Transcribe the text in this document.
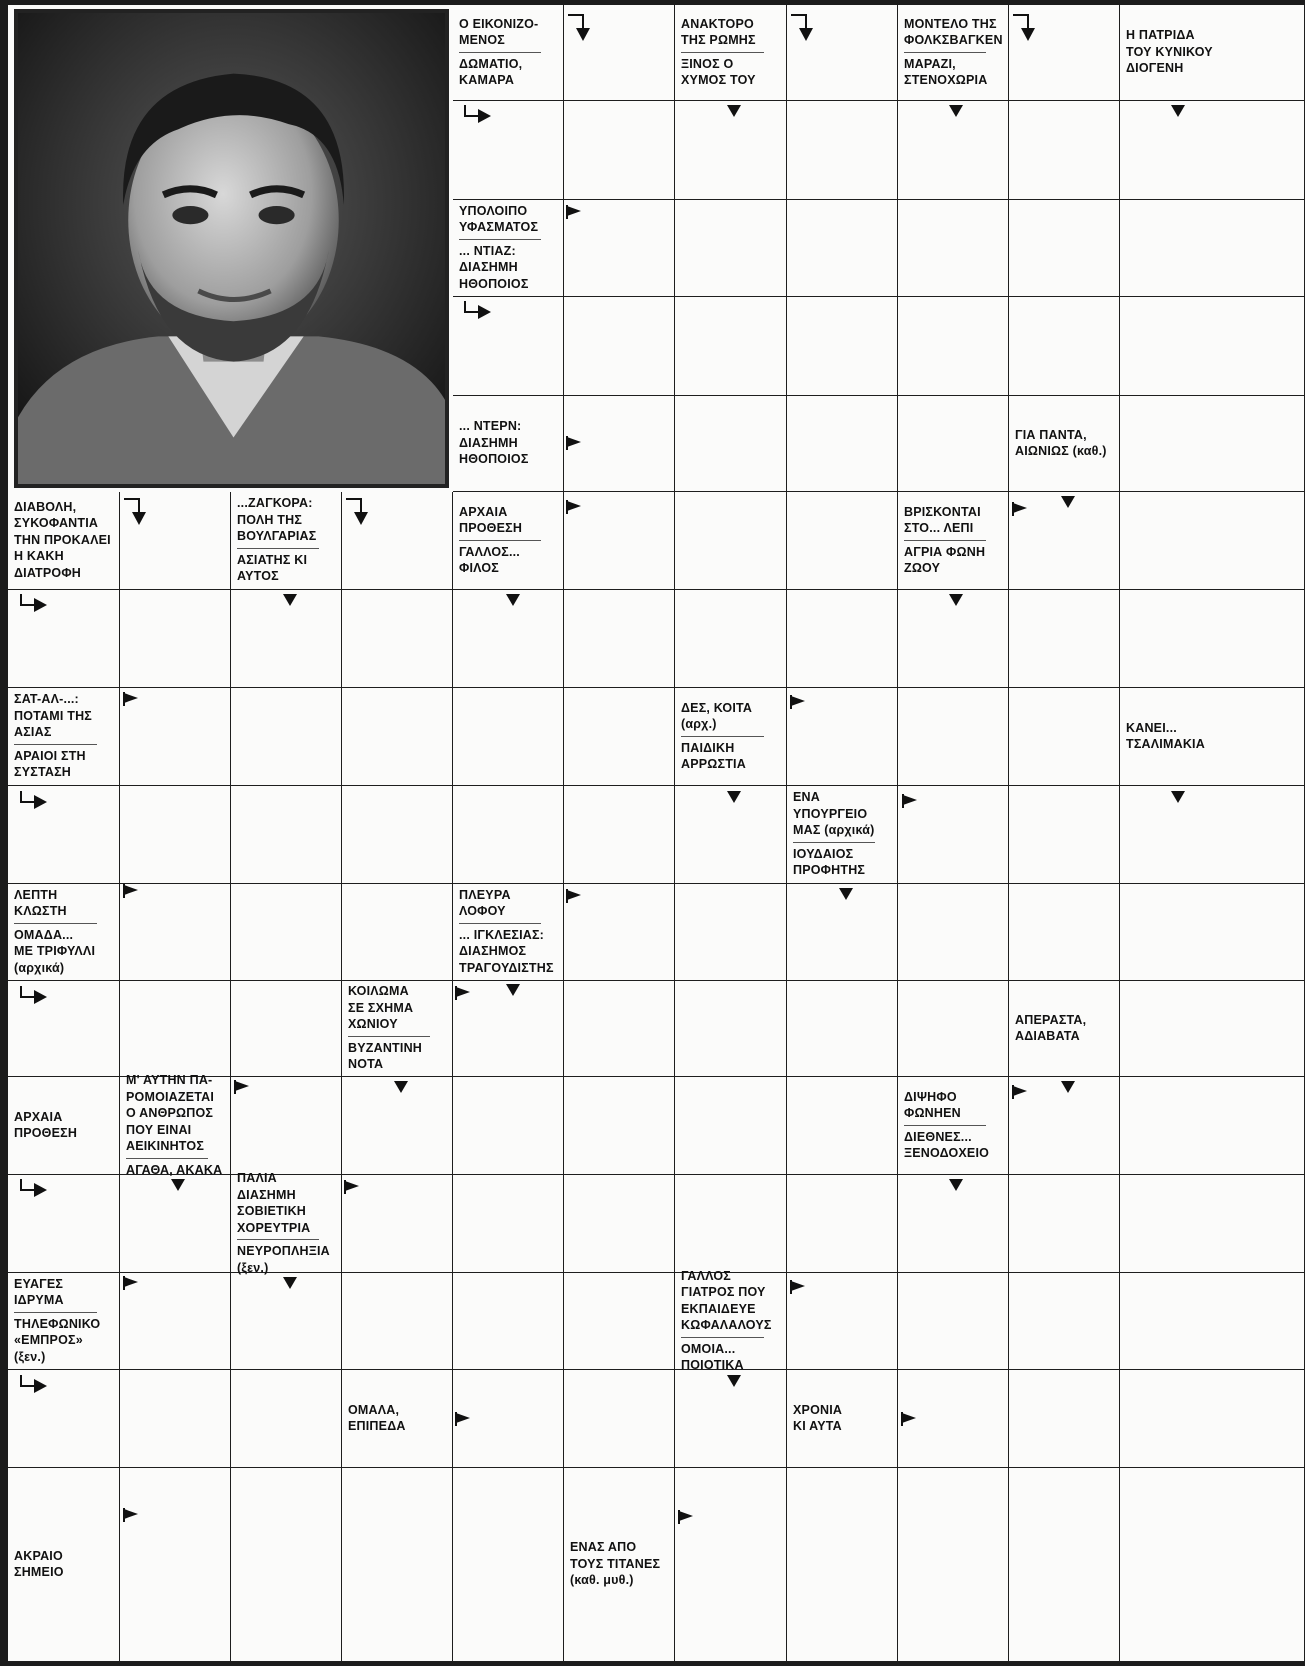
Ο ΕΙΚΟΝΙΖΟ-
ΜΕΝΟΣ
ΔΩΜΑΤΙΟ,
ΚΑΜΑΡΑ
ΑΝΑΚΤΟΡΟ
ΤΗΣ ΡΩΜΗΣ
ΞΙΝΟΣ Ο
ΧΥΜΟΣ ΤΟΥ
ΜΟΝΤΕΛΟ ΤΗΣ
ΦΟΛΚΣΒΑΓΚΕΝ
ΜΑΡΑΖΙ,
ΣΤΕΝΟΧΩΡΙΑ
Η ΠΑΤΡΙΔΑ
ΤΟΥ ΚΥΝΙΚΟΥ
ΔΙΟΓΕΝΗ
ΥΠΟΛΟΙΠΟ
ΥΦΑΣΜΑΤΟΣ
... ΝΤΙΑΖ:
ΔΙΑΣΗΜΗ
ΗΘΟΠΟΙΟΣ
... ΝΤΕΡΝ:
ΔΙΑΣΗΜΗ
ΗΘΟΠΟΙΟΣ
ΓΙΑ ΠΑΝΤΑ,
ΑΙΩΝΙΩΣ (καθ.)
ΔΙΑΒΟΛΗ,
ΣΥΚΟΦΑΝΤΙΑ
ΤΗΝ ΠΡΟΚΑΛΕΙ
Η ΚΑΚΗ
ΔΙΑΤΡΟΦΗ
...ΖΑΓΚΟΡΑ:
ΠΟΛΗ ΤΗΣ
ΒΟΥΛΓΑΡΙΑΣ
ΑΣΙΑΤΗΣ ΚΙ
ΑΥΤΟΣ
ΑΡΧΑΙΑ
ΠΡΟΘΕΣΗ
ΓΑΛΛΟΣ...
ΦΙΛΟΣ
ΒΡΙΣΚΟΝΤΑΙ
ΣΤΟ... ΛΕΠΙ
ΑΓΡΙΑ ΦΩΝΗ
ΖΩΟΥ
ΣΑΤ-ΑΛ-...:
ΠΟΤΑΜΙ ΤΗΣ
ΑΣΙΑΣ
ΑΡΑΙΟΙ ΣΤΗ
ΣΥΣΤΑΣΗ
ΔΕΣ, ΚΟΙΤΑ
(αρχ.)
ΠΑΙΔΙΚΗ
ΑΡΡΩΣΤΙΑ
ΚΑΝΕΙ...
ΤΣΑΛΙΜΑΚΙΑ
ΕΝΑ
ΥΠΟΥΡΓΕΙΟ
ΜΑΣ (αρχικά)
ΙΟΥΔΑΙΟΣ
ΠΡΟΦΗΤΗΣ
ΛΕΠΤΗ ΚΛΩΣΤΗ
ΟΜΑΔΑ...
ΜΕ ΤΡΙΦΥΛΛΙ
(αρχικά)
ΠΛΕΥΡΑ
ΛΟΦΟΥ
... ΙΓΚΛΕΣΙΑΣ:
ΔΙΑΣΗΜΟΣ
ΤΡΑΓΟΥΔΙΣΤΗΣ
ΚΟΙΛΩΜΑ
ΣΕ ΣΧΗΜΑ
ΧΩΝΙΟΥ
ΒΥΖΑΝΤΙΝΗ
ΝΟΤΑ
ΑΠΕΡΑΣΤΑ,
ΑΔΙΑΒΑΤΑ
ΑΡΧΑΙΑ
ΠΡΟΘΕΣΗ
Μ' ΑΥΤΗΝ ΠΑ-
ΡΟΜΟΙΑΖΕΤΑΙ
Ο ΑΝΘΡΩΠΟΣ
ΠΟΥ ΕΙΝΑΙ
ΑΕΙΚΙΝΗΤΟΣ
ΑΓΑΘΑ, ΑΚΑΚΑ
ΔΙΨΗΦΟ
ΦΩΝΗΕΝ
ΔΙΕΘΝΕΣ...
ΞΕΝΟΔΟΧΕΙΟ
ΠΑΛΙΑ
ΔΙΑΣΗΜΗ
ΣΟΒΙΕΤΙΚΗ
ΧΟΡΕΥΤΡΙΑ
ΝΕΥΡΟΠΛΗΞΙΑ
(ξεν.)
ΕΥΑΓΕΣ
ΙΔΡΥΜΑ
ΤΗΛΕΦΩΝΙΚΟ
«ΕΜΠΡΟΣ»
(ξεν.)
ΓΑΛΛΟΣ
ΓΙΑΤΡΟΣ ΠΟΥ
ΕΚΠΑΙΔΕΥΕ
ΚΩΦΑΛΑΛΟΥΣ
ΟΜΟΙΑ...
ΠΟΙΟΤΙΚΑ
ΟΜΑΛΑ,
ΕΠΙΠΕΔΑ
ΧΡΟΝΙΑ
ΚΙ ΑΥΤΑ
ΑΚΡΑΙΟ
ΣΗΜΕΙΟ
ΕΝΑΣ ΑΠΟ
ΤΟΥΣ ΤΙΤΑΝΕΣ
(καθ. μυθ.)
